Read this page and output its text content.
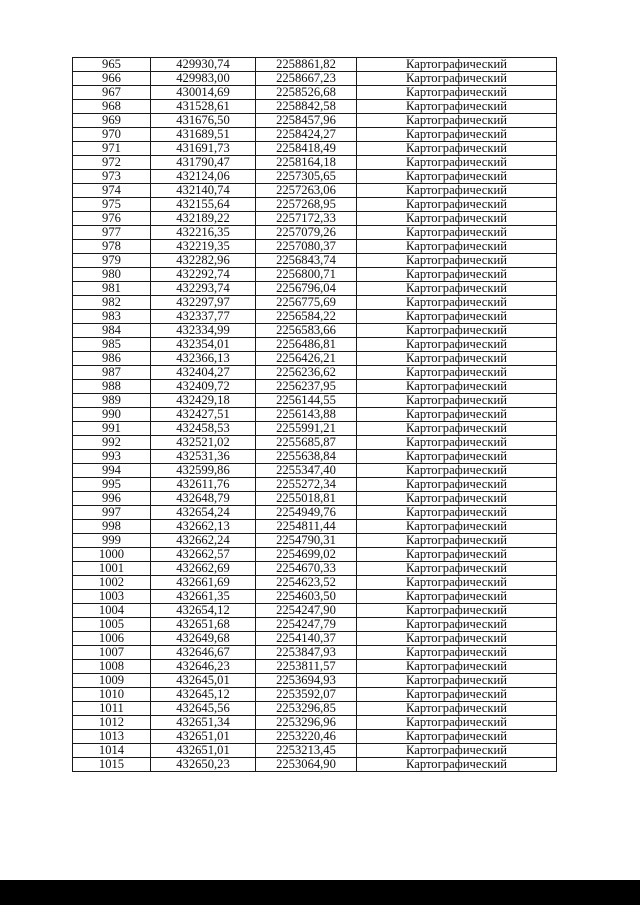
965	429930,74	2258861,82	Картографический
966	429983,00	2258667,23	Картографический
967	430014,69	2258526,68	Картографический
968	431528,61	2258842,58	Картографический
969	431676,50	2258457,96	Картографический
970	431689,51	2258424,27	Картографический
971	431691,73	2258418,49	Картографический
972	431790,47	2258164,18	Картографический
973	432124,06	2257305,65	Картографический
974	432140,74	2257263,06	Картографический
975	432155,64	2257268,95	Картографический
976	432189,22	2257172,33	Картографический
977	432216,35	2257079,26	Картографический
978	432219,35	2257080,37	Картографический
979	432282,96	2256843,74	Картографический
980	432292,74	2256800,71	Картографический
981	432293,74	2256796,04	Картографический
982	432297,97	2256775,69	Картографический
983	432337,77	2256584,22	Картографический
984	432334,99	2256583,66	Картографический
985	432354,01	2256486,81	Картографический
986	432366,13	2256426,21	Картографический
987	432404,27	2256236,62	Картографический
988	432409,72	2256237,95	Картографический
989	432429,18	2256144,55	Картографический
990	432427,51	2256143,88	Картографический
991	432458,53	2255991,21	Картографический
992	432521,02	2255685,87	Картографический
993	432531,36	2255638,84	Картографический
994	432599,86	2255347,40	Картографический
995	432611,76	2255272,34	Картографический
996	432648,79	2255018,81	Картографический
997	432654,24	2254949,76	Картографический
998	432662,13	2254811,44	Картографический
999	432662,24	2254790,31	Картографический
1000	432662,57	2254699,02	Картографический
1001	432662,69	2254670,33	Картографический
1002	432661,69	2254623,52	Картографический
1003	432661,35	2254603,50	Картографический
1004	432654,12	2254247,90	Картографический
1005	432651,68	2254247,79	Картографический
1006	432649,68	2254140,37	Картографический
1007	432646,67	2253847,93	Картографический
1008	432646,23	2253811,57	Картографический
1009	432645,01	2253694,93	Картографический
1010	432645,12	2253592,07	Картографический
1011	432645,56	2253296,85	Картографический
1012	432651,34	2253296,96	Картографический
1013	432651,01	2253220,46	Картографический
1014	432651,01	2253213,45	Картографический
1015	432650,23	2253064,90	Картографический
